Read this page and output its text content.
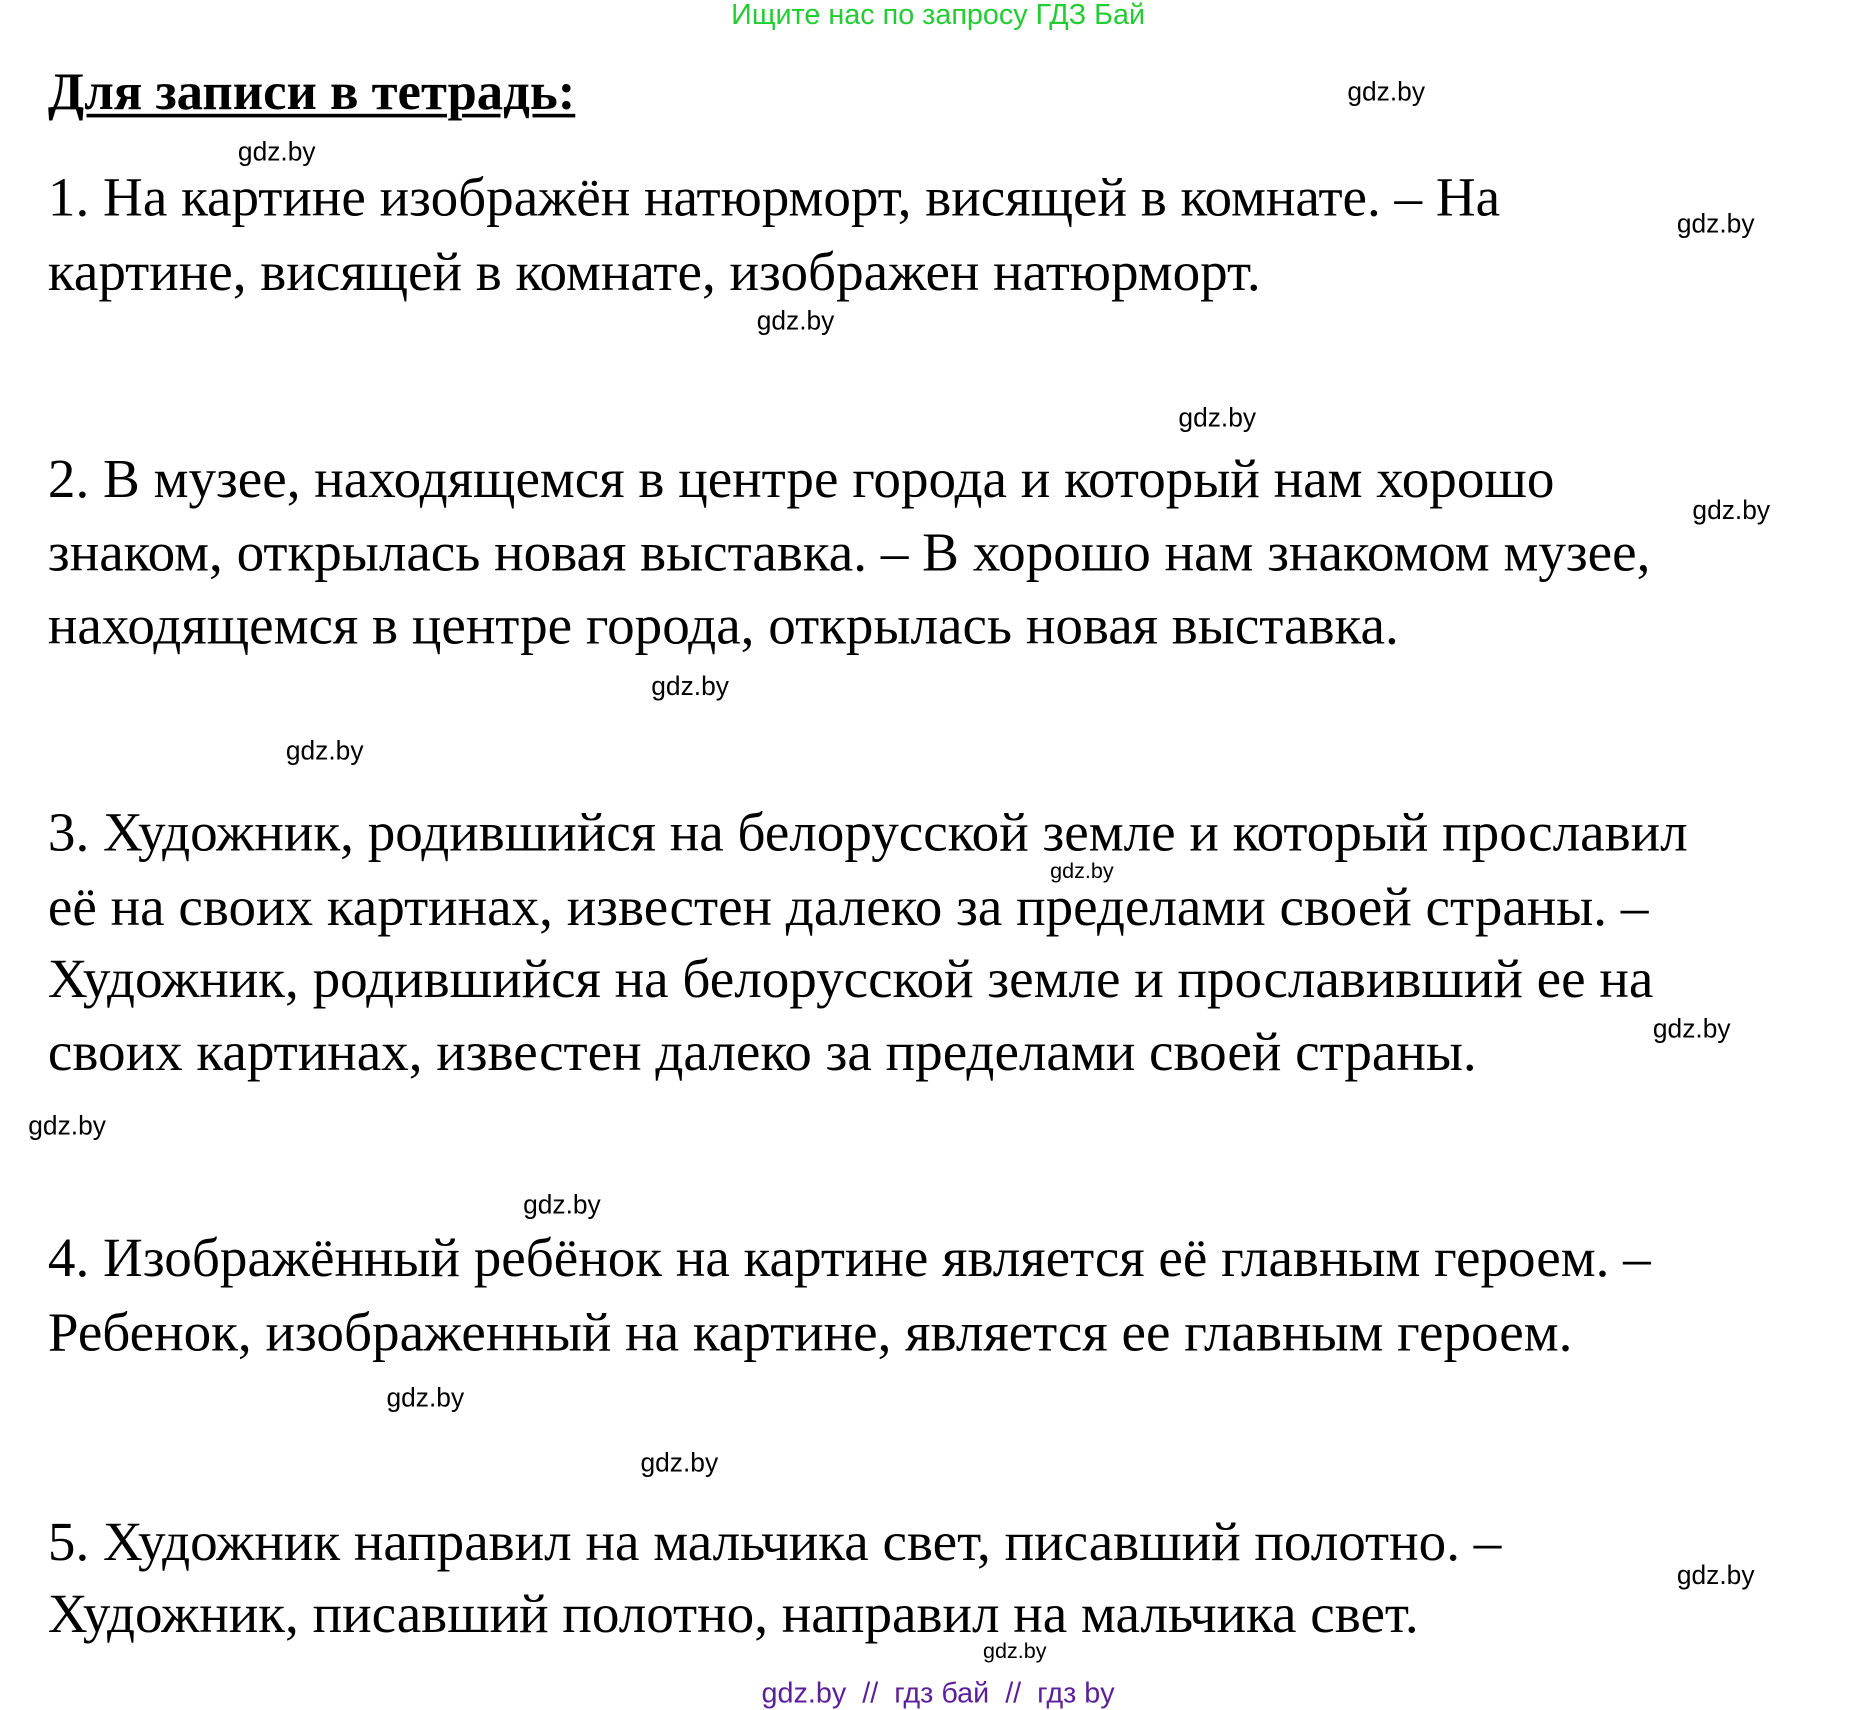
Ищите нас по запросу ГДЗ Бай
Для записи в тетрадь:
1. На картине изображён натюрморт, висящей в комнате. – На
картине, висящей в комнате, изображен натюрморт.
2. В музее, находящемся в центре города и который нам хорошо
знаком, открылась новая выставка. – В хорошо нам знакомом музее,
находящемся в центре города, открылась новая выставка.
3. Художник, родившийся на белорусской земле и который прославил
её на своих картинах, известен далеко за пределами своей страны. –
Художник, родившийся на белорусской земле и прославивший ее на
своих картинах, известен далеко за пределами своей страны.
4. Изображённый ребёнок на картине является её главным героем. –
Ребенок, изображенный на картине, является ее главным героем.
5. Художник направил на мальчика свет, писавший полотно. –
Художник, писавший полотно, направил на мальчика свет.
gdz.by
gdz.by
gdz.by
gdz.by
gdz.by
gdz.by
gdz.by
gdz.by
gdz.by
gdz.by
gdz.by
gdz.by
gdz.by
gdz.by
gdz.by
gdz.by
gdz.by  //  гдз бай  //  гдз by
